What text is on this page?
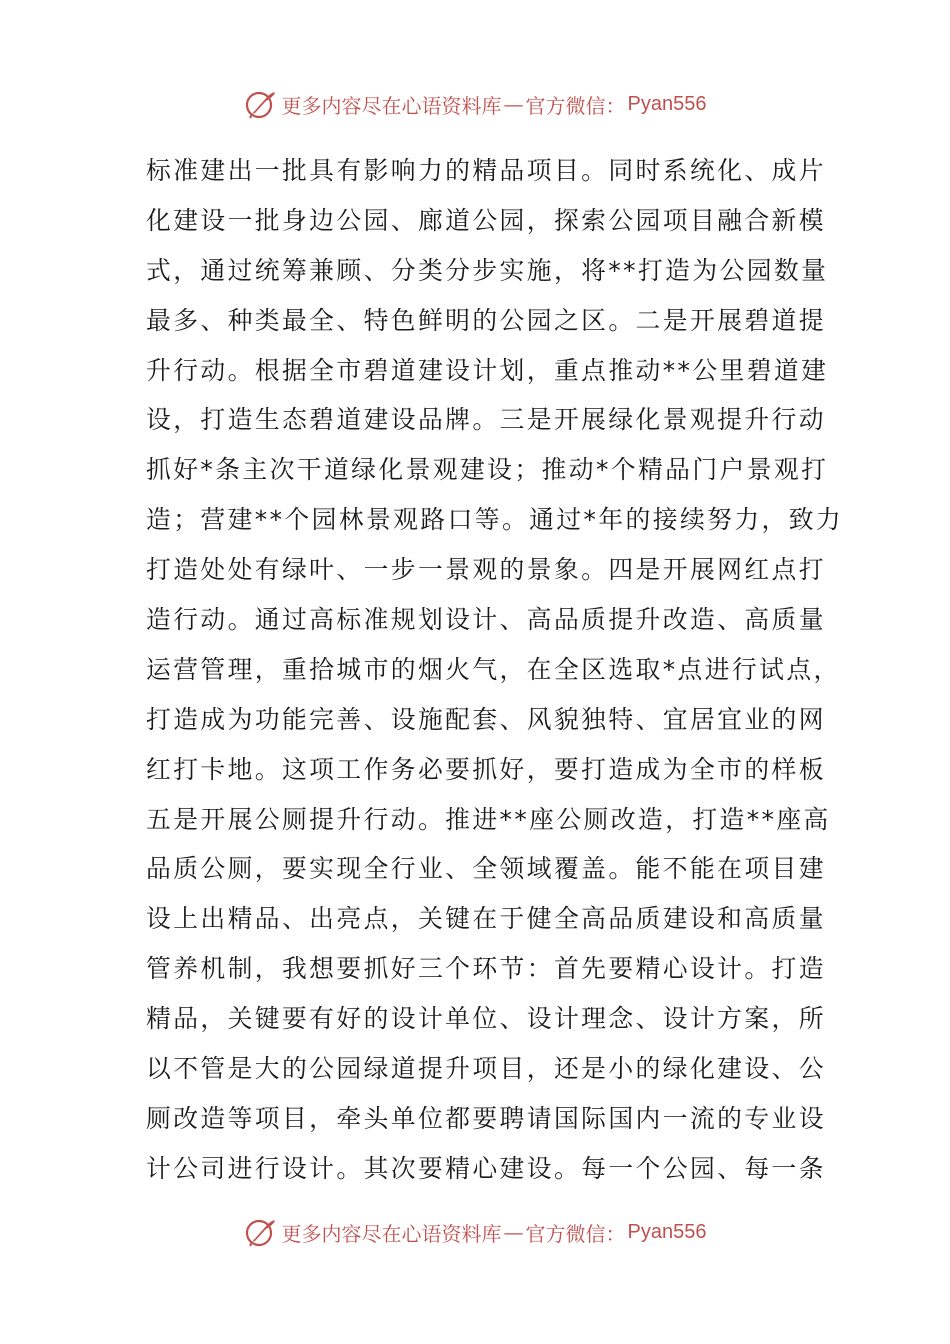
更多内容尽在心语资料库 — 官方微信： Pyan556
标准建出一批具有影响力的精品项目。同时系统化、成片
化建设一批身边公园、廊道公园，探索公园项目融合新模
式，通过统筹兼顾、分类分步实施，将**打造为公园数量
最多、种类最全、特色鲜明的公园之区。二是开展碧道提
升行动。根据全市碧道建设计划，重点推动**公里碧道建
设，打造生态碧道建设品牌。三是开展绿化景观提升行动
抓好*条主次干道绿化景观建设；推动*个精品门户景观打
造；营建**个园林景观路口等。通过*年的接续努力，致力
打造处处有绿叶、一步一景观的景象。四是开展网红点打
造行动。通过高标准规划设计、高品质提升改造、高质量
运营管理，重拾城市的烟火气，在全区选取*点进行试点，
打造成为功能完善、设施配套、风貌独特、宜居宜业的网
红打卡地。这项工作务必要抓好，要打造成为全市的样板
五是开展公厕提升行动。推进**座公厕改造，打造**座高
品质公厕，要实现全行业、全领域覆盖。能不能在项目建
设上出精品、出亮点，关键在于健全高品质建设和高质量
管养机制，我想要抓好三个环节：首先要精心设计。打造
精品，关键要有好的设计单位、设计理念、设计方案，所
以不管是大的公园绿道提升项目，还是小的绿化建设、公
厕改造等项目，牵头单位都要聘请国际国内一流的专业设
计公司进行设计。其次要精心建设。每一个公园、每一条
更多内容尽在心语资料库 — 官方微信： Pyan556
